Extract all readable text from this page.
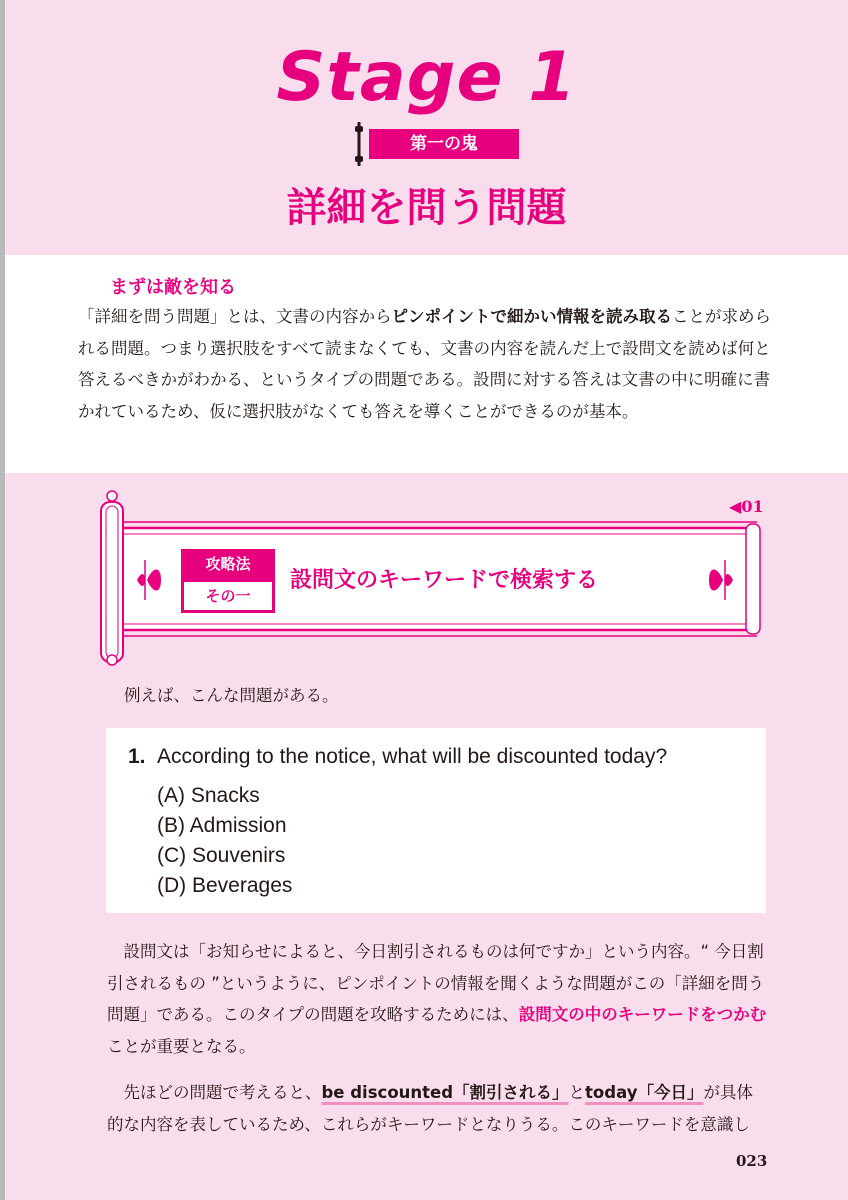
Stage 1
第一の鬼
詳細を問う問題
まずは敵を知る

「詳細を問う問題」とは、文書の内容からピンポイントで細かい情報を読み取ることが求められる問題。つまり選択肢をすべて読まなくても、文書の内容を読んだ上で設問文を読めば何と答えるべきかがわかる、というタイプの問題である。設問に対する答えは文書の中に明確に書かれているため、仮に選択肢がなくても答えを導くことができるのが基本。

◀01
攻略法
その一
設問文のキーワードで検索する
例えば、こんな問題がある。
1. According to the notice, what will be discounted today?
(A) Snacks
(B) Admission
(C) Souvenirs
(D) Beverages

設問文は「お知らせによると、今日割引されるものは何ですか」という内容。“ 今日割引されるもの ”というように、ピンポイントの情報を聞くような問題がこの「詳細を問う問題」である。このタイプの問題を攻略するためには、設問文の中のキーワードをつかむことが重要となる。

先ほどの問題で考えると、be discounted「割引される」とtoday「今日」が具体的な内容を表しているため、これらがキーワードとなりうる。このキーワードを意識し

023
